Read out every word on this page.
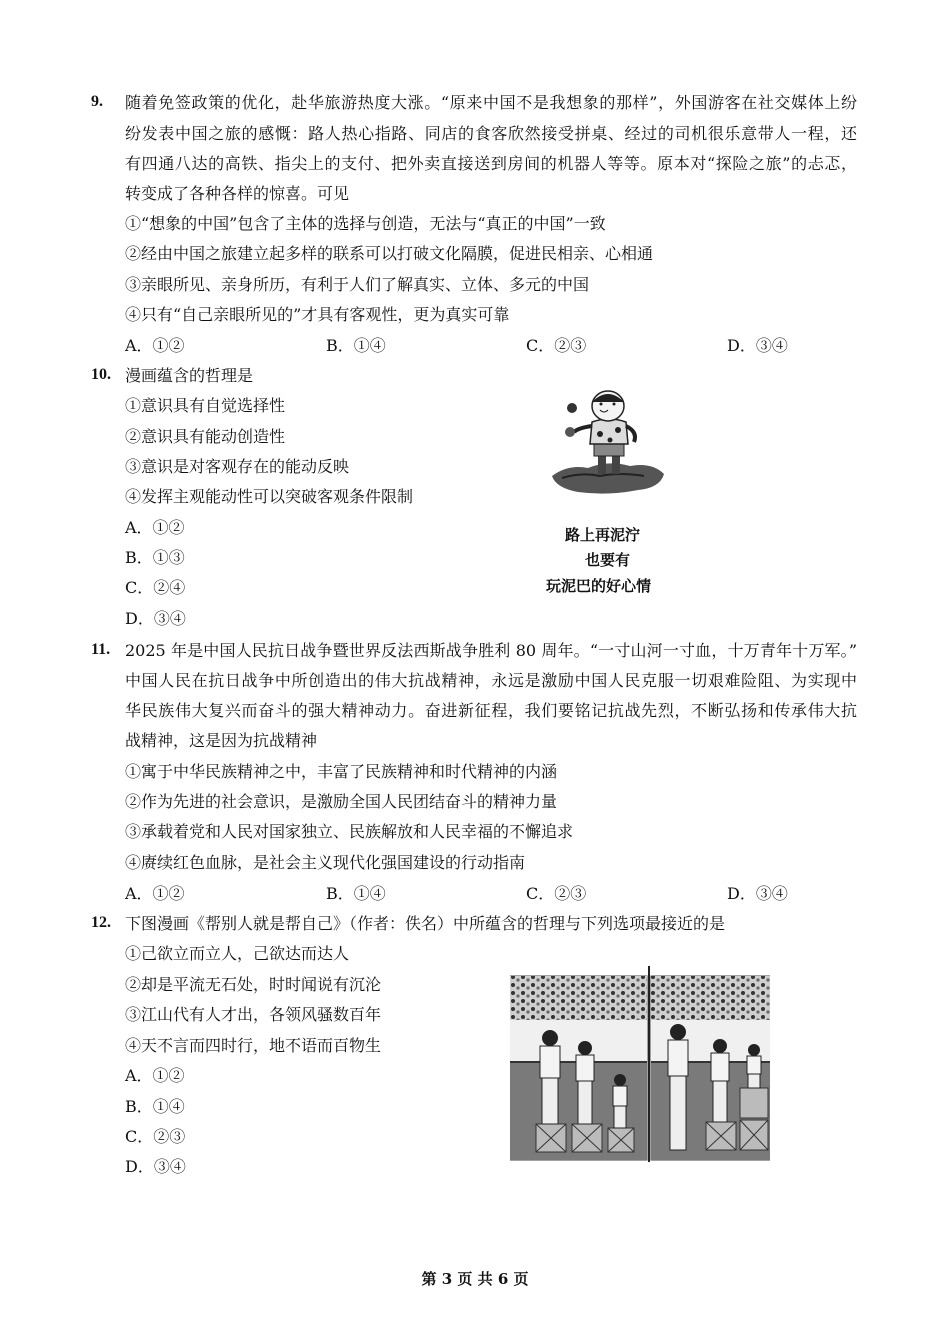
9. 随着免签政策的优化，赴华旅游热度大涨。“原来中国不是我想象的那样”，外国游客在社交媒体上纷
纷发表中国之旅的感慨：路人热心指路、同店的食客欣然接受拼桌、经过的司机很乐意带人一程，还
有四通八达的高铁、指尖上的支付、把外卖直接送到房间的机器人等等。原本对“探险之旅”的忐忑，
转变成了各种各样的惊喜。可见
①“想象的中国”包含了主体的选择与创造，无法与“真正的中国”一致
②经由中国之旅建立起多样的联系可以打破文化隔膜，促进民相亲、心相通
③亲眼所见、亲身所历，有利于人们了解真实、立体、多元的中国
④只有“自己亲眼所见的”才具有客观性，更为真实可靠
A．①②	B．①④	C．②③	D．③④
10. 漫画蕴含的哲理是
①意识具有自觉选择性
②意识具有能动创造性
③意识是对客观存在的能动反映
④发挥主观能动性可以突破客观条件限制
A．①②
B．①③
C．②④
D．③④
路上再泥泞
也要有
玩泥巴的好心情
11. 2025 年是中国人民抗日战争暨世界反法西斯战争胜利 80 周年。“一寸山河一寸血，十万青年十万军。”
中国人民在抗日战争中所创造出的伟大抗战精神，永远是激励中国人民克服一切艰难险阻、为实现中
华民族伟大复兴而奋斗的强大精神动力。奋进新征程，我们要铭记抗战先烈，不断弘扬和传承伟大抗
战精神，这是因为抗战精神
①寓于中华民族精神之中，丰富了民族精神和时代精神的内涵
②作为先进的社会意识，是激励全国人民团结奋斗的精神力量
③承载着党和人民对国家独立、民族解放和人民幸福的不懈追求
④赓续红色血脉，是社会主义现代化强国建设的行动指南
A．①②	B．①④	C．②③	D．③④
12. 下图漫画《帮别人就是帮自己》（作者：佚名）中所蕴含的哲理与下列选项最接近的是
①己欲立而立人，己欲达而达人
②却是平流无石处，时时闻说有沉沦
③江山代有人才出，各领风骚数百年
④天不言而四时行，地不语而百物生
A．①②
B．①④
C．②③
D．③④
第 3 页 共 6 页
